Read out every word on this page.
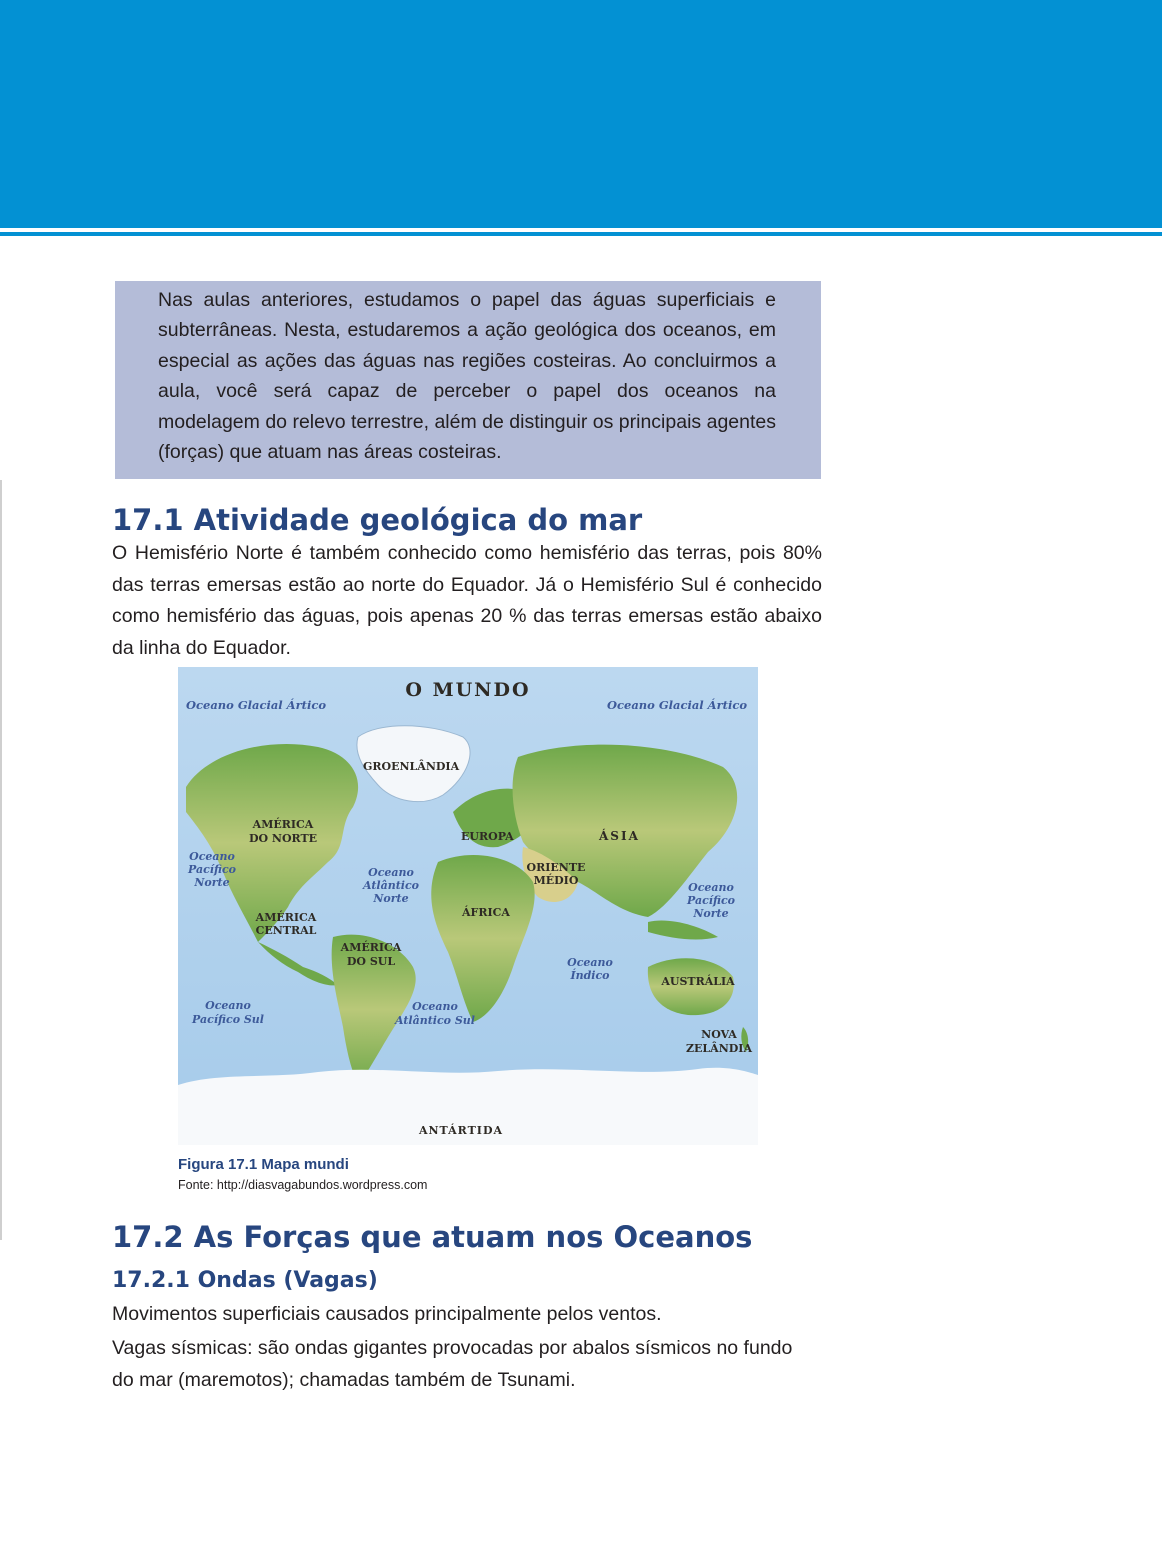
Nas aulas anteriores, estudamos o papel das águas superficiais e subterrâneas. Nesta, estudaremos a ação geológica dos oceanos, em especial as ações das águas nas regiões costeiras. Ao concluirmos a aula, você será capaz de perceber o papel dos oceanos na modelagem do relevo terrestre, além de distinguir os principais agentes (forças) que atuam nas áreas costeiras.

17.1 Atividade geológica do mar

O Hemisfério Norte é também conhecido como hemisfério das terras, pois 80% das terras emersas estão ao norte do Equador. Já o Hemisfério Sul é conhecido como hemisfério das águas, pois apenas 20 % das terras emersas estão abaixo da linha do Equador.

O MUNDO
Oceano Glacial Ártico	Oceano Glacial Ártico
GROENLÂNDIA
AMÉRICA
DO NORTE	EUROPA	ÁSIA
ORIENTE
MÉDIO
Oceano
Pacífico
Norte
Oceano
Atlântico
Norte
Oceano
Pacífico
Norte
ÁFRICA
AMÉRICA
CENTRAL
AMÉRICA
DO SUL	Oceano
Índico	AUSTRÁLIA
Oceano
Pacífico Sul
Oceano
Atlântico Sul
NOVA
ZELÂNDIA
ANTÁRTIDA

Figura 17.1 Mapa mundi

Fonte: http://diasvagabundos.wordpress.com

17.2 As Forças que atuam nos Oceanos
17.2.1 Ondas (Vagas)

Movimentos superficiais causados principalmente pelos ventos.

Vagas sísmicas: são ondas gigantes provocadas por abalos sísmicos no fundo

do mar (maremotos); chamadas também de Tsunami.
